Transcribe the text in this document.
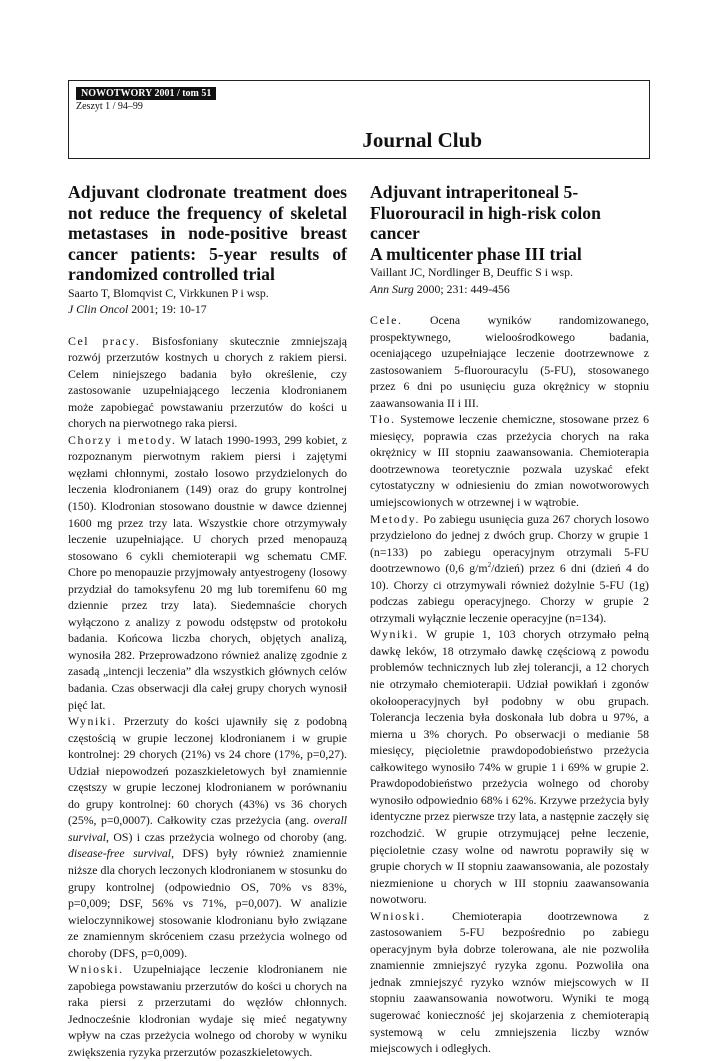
NOWOTWORY 2001 / tom 51
Zeszyt 1 / 94–99
Journal Club
Adjuvant clodronate treatment does not reduce the frequency of skeletal metastases in node-positive breast cancer patients: 5-year results of randomized controlled trial

Saarto T, Blomqvist C, Virkkunen P i wsp.

J Clin Oncol 2001; 19: 10-17

Cel pracy. Bisfosfoniany skutecznie zmniejszają rozwój przerzutów kostnych u chorych z rakiem piersi. Celem niniejszego badania było określenie, czy zastosowanie uzupełniającego leczenia klodronianem może zapobiegać powstawaniu przerzutów do kości u chorych na pierwotnego raka piersi.

Chorzy i metody. W latach 1990-1993, 299 kobiet, z rozpoznanym pierwotnym rakiem piersi i zajętymi węzłami chłonnymi, zostało losowo przydzielonych do leczenia klodronianem (149) oraz do grupy kontrolnej (150). Klodronian stosowano doustnie w dawce dziennej 1600 mg przez trzy lata. Wszystkie chore otrzymywały leczenie uzupełniające. U chorych przed menopauzą stosowano 6 cykli chemioterapii wg schematu CMF. Chore po menopauzie przyjmowały antyestrogeny (losowy przydział do tamoksyfenu 20 mg lub toremifenu 60 mg dziennie przez trzy lata). Siedemnaście chorych wyłączono z analizy z powodu odstępstw od protokołu badania. Końcowa liczba chorych, objętych analizą, wynosiła 282. Przeprowadzono również analizę zgodnie z zasadą „intencji leczenia” dla wszystkich głównych celów badania. Czas obserwacji dla całej grupy chorych wynosił pięć lat.

Wyniki. Przerzuty do kości ujawniły się z podobną częstością w grupie leczonej klodronianem i w grupie kontrolnej: 29 chorych (21%) vs 24 chore (17%, p=0,27). Udział niepowodzeń pozaszkieletowych był znamiennie częstszy w grupie leczonej klodronianem w porównaniu do grupy kontrolnej: 60 chorych (43%) vs 36 chorych (25%, p=0,0007). Całkowity czas przeżycia (ang. overall survival, OS) i czas przeżycia wolnego od choroby (ang. disease-free survival, DFS) były również znamiennie niższe dla chorych leczonych klodronianem w stosunku do grupy kontrolnej (odpowiednio OS, 70% vs 83%, p=0,009; DSF, 56% vs 71%, p=0,007). W analizie wieloczynnikowej stosowanie klodronianu było związane ze znamiennym skróceniem czasu przeżycia wolnego od choroby (DFS, p=0,009).

Wnioski. Uzupełniające leczenie klodronianem nie zapobiega powstawaniu przerzutów do kości u chorych na raka piersi z przerzutami do węzłów chłonnych. Jednocześnie klodronian wydaje się mieć negatywny wpływ na czas przeżycia wolnego od choroby w wyniku zwiększenia ryzyka przerzutów pozaszkieletowych.

Adjuvant intraperitoneal 5-Fluorouracil in high-risk colon cancer
A multicenter phase III trial

Vaillant JC, Nordlinger B, Deuffic S i wsp.

Ann Surg 2000; 231: 449-456

Cele. Ocena wyników randomizowanego, prospektywnego, wieloośrodkowego badania, oceniającego uzupełniające leczenie dootrzewnowe z zastosowaniem 5-fluorouracylu (5-FU), stosowanego przez 6 dni po usunięciu guza okrężnicy w stopniu zaawansowania II i III.

Tło. Systemowe leczenie chemiczne, stosowane przez 6 miesięcy, poprawia czas przeżycia chorych na raka okrężnicy w III stopniu zaawansowania. Chemioterapia dootrzewnowa teoretycznie pozwala uzyskać efekt cytostatyczny w odniesieniu do zmian nowotworowych umiejscowionych w otrzewnej i w wątrobie.

Metody. Po zabiegu usunięcia guza 267 chorych losowo przydzielono do jednej z dwóch grup. Chorzy w grupie 1 (n=133) po zabiegu operacyjnym otrzymali 5-FU dootrzewnowo (0,6 $g/m^2/dzień$) przez 6 dni (dzień 4 do 10). Chorzy ci otrzymywali również dożylnie 5-FU (1g) podczas zabiegu operacyjnego. Chorzy w grupie 2 otrzymali wyłącznie leczenie operacyjne (n=134).

Wyniki. W grupie 1, 103 chorych otrzymało pełną dawkę leków, 18 otrzymało dawkę częściową z powodu problemów technicznych lub złej tolerancji, a 12 chorych nie otrzymało chemioterapii. Udział powikłań i zgonów okołooperacyjnych był podobny w obu grupach. Tolerancja leczenia była doskonała lub dobra u 97%, a mierna u 3% chorych. Po obserwacji o medianie 58 miesięcy, pięcioletnie prawdopodobieństwo przeżycia całkowitego wynosiło 74% w grupie 1 i 69% w grupie 2. Prawdopodobieństwo przeżycia wolnego od choroby wynosiło odpowiednio 68% i 62%. Krzywe przeżycia były identyczne przez pierwsze trzy lata, a następnie zaczęły się rozchodzić. W grupie otrzymującej pełne leczenie, pięcioletnie czasy wolne od nawrotu poprawiły się w grupie chorych w II stopniu zaawansowania, ale pozostały niezmienione u chorych w III stopniu zaawansowania nowotworu.

Wnioski. Chemioterapia dootrzewnowa z zastosowaniem 5-FU bezpośrednio po zabiegu operacyjnym była dobrze tolerowana, ale nie pozwoliła znamiennie zmniejszyć ryzyka zgonu. Pozwoliła ona jednak zmniejszyć ryzyko wznów miejscowych w II stopniu zaawansowania nowotworu. Wyniki te mogą sugerować konieczność jej skojarzenia z chemioterapią systemową w celu zmniejszenia liczby wznów miejscowych i odległych.
